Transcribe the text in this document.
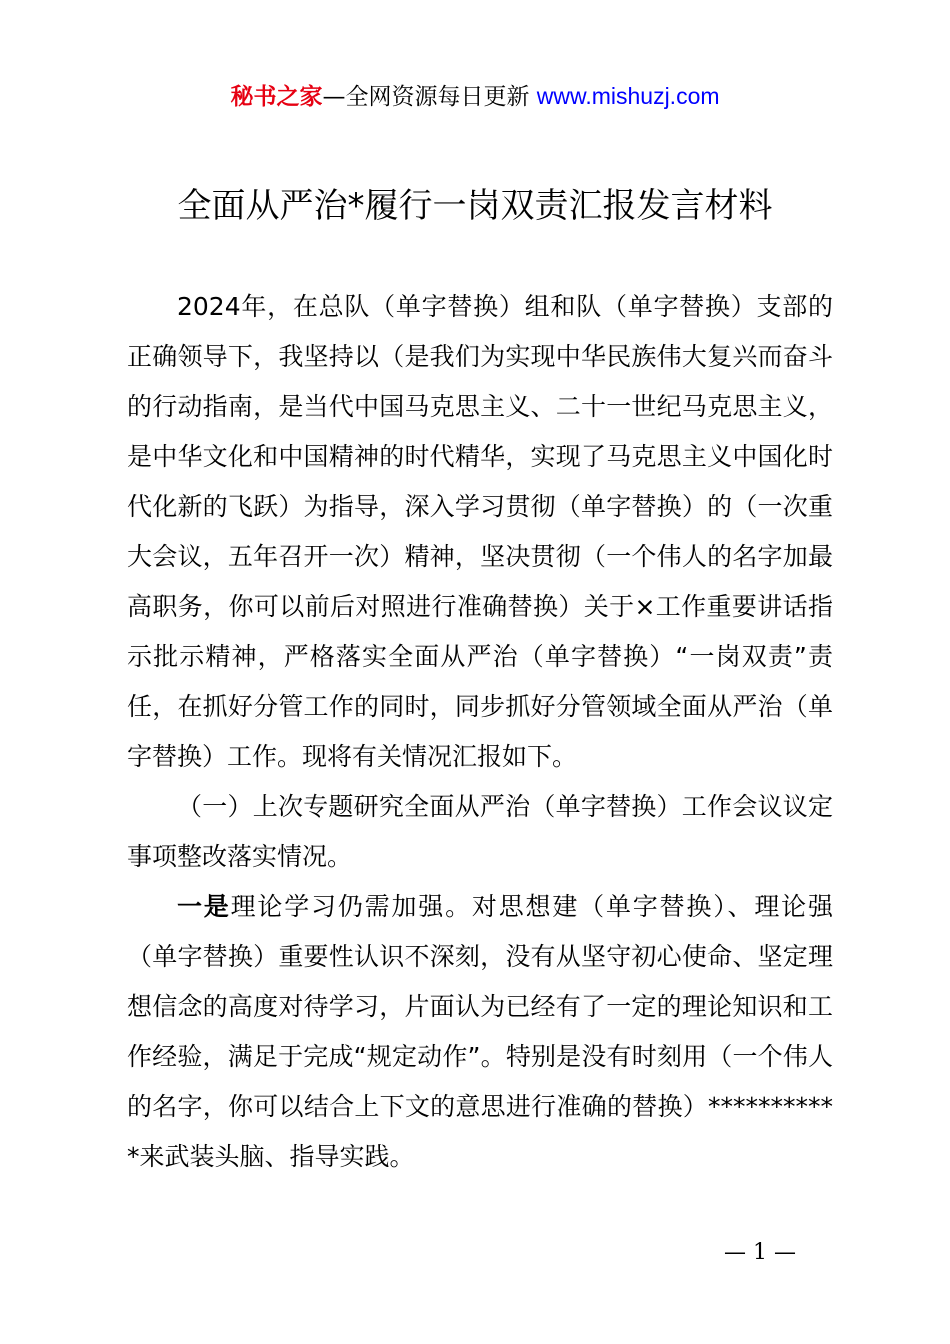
秘书之家—全网资源每日更新 www.mishuzj.com
全面从严治*履行一岗双责汇报发言材料

2024年，在总队（单字替换）组和队（单字替换）支部的正确领导下，我坚持以（是我们为实现中华民族伟大复兴而奋斗的行动指南，是当代中国马克思主义、二十一世纪马克思主义，是中华文化和中国精神的时代精华，实现了马克思主义中国化时代化新的飞跃）为指导，深入学习贯彻（单字替换）的（一次重大会议，五年召开一次）精神，坚决贯彻（一个伟人的名字加最高职务，你可以前后对照进行准确替换）关于×工作重要讲话指示批示精神，严格落实全面从严治（单字替换）“一岗双责”责任，在抓好分管工作的同时，同步抓好分管领域全面从严治（单字替换）工作。现将有关情况汇报如下。

（一）上次专题研究全面从严治（单字替换）工作会议议定事项整改落实情况。

一是理论学习仍需加强。对思想建（单字替换）、理论强（单字替换）重要性认识不深刻，没有从坚守初心使命、坚定理想信念的高度对待学习，片面认为已经有了一定的理论知识和工作经验，满足于完成“规定动作”。特别是没有时刻用（一个伟人的名字，你可以结合上下文的意思进行准确的替换）***********来武装头脑、指导实践。

— 1 —
